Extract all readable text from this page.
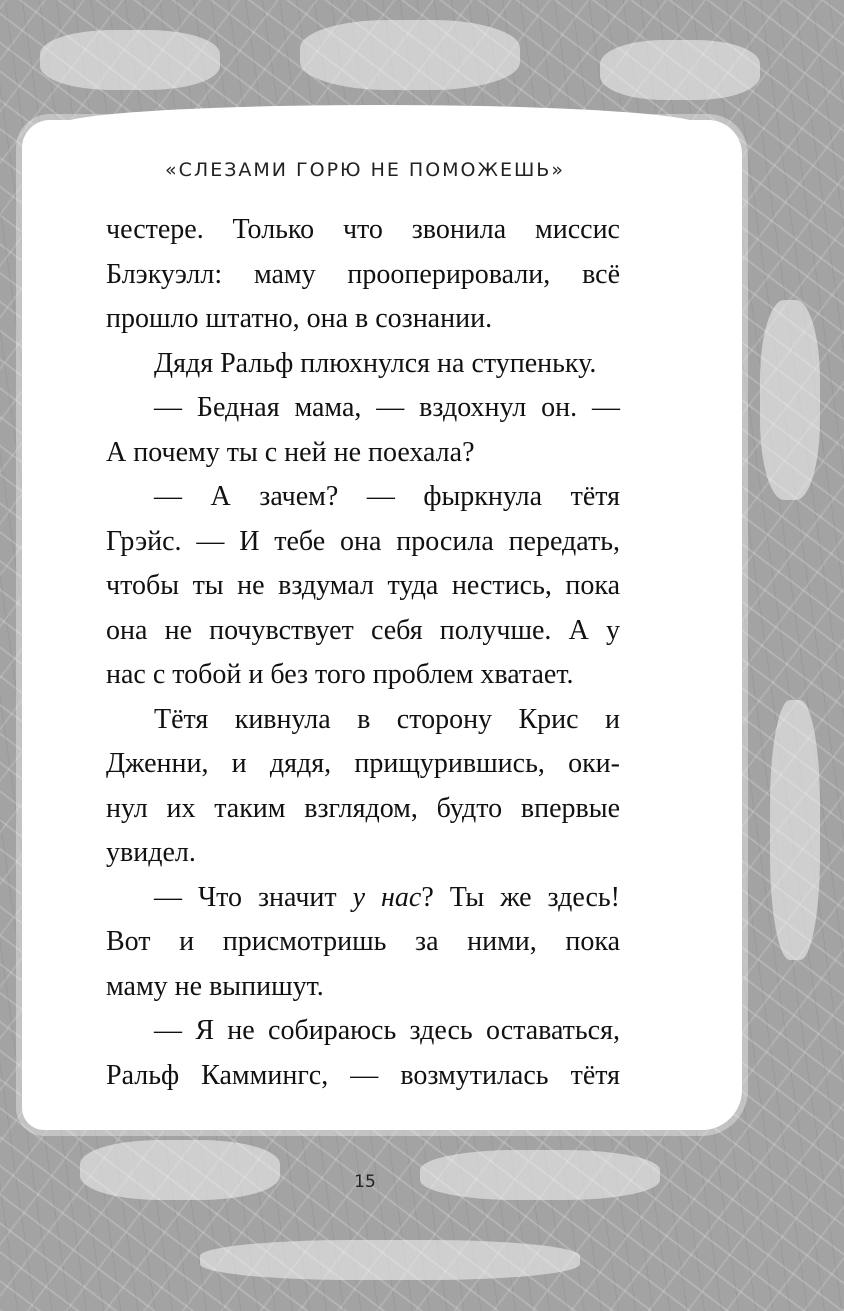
«СЛЕЗАМИ ГОРЮ НЕ ПОМОЖЕШЬ»

честере. Только что звонила миссис
Блэкуэлл: маму прооперировали, всё
прошло штатно, она в сознании.

Дядя Ральф плюхнулся на ступеньку.

— Бедная мама, — вздохнул он. —
А почему ты с ней не поехала?

— А зачем? — фыркнула тётя
Грэйс. — И тебе она просила передать,
чтобы ты не вздумал туда нестись, пока
она не почувствует себя получше. А у
нас с тобой и без того проблем хватает.

Тётя кивнула в сторону Крис и
Дженни, и дядя, прищурившись, оки-
нул их таким взглядом, будто впервые
увидел.

— Что значит у нас? Ты же здесь!
Вот и присмотришь за ними, пока
маму не выпишут.

— Я не собираюсь здесь оставаться,
Ральф Каммингс, — возмутилась тётя

15
